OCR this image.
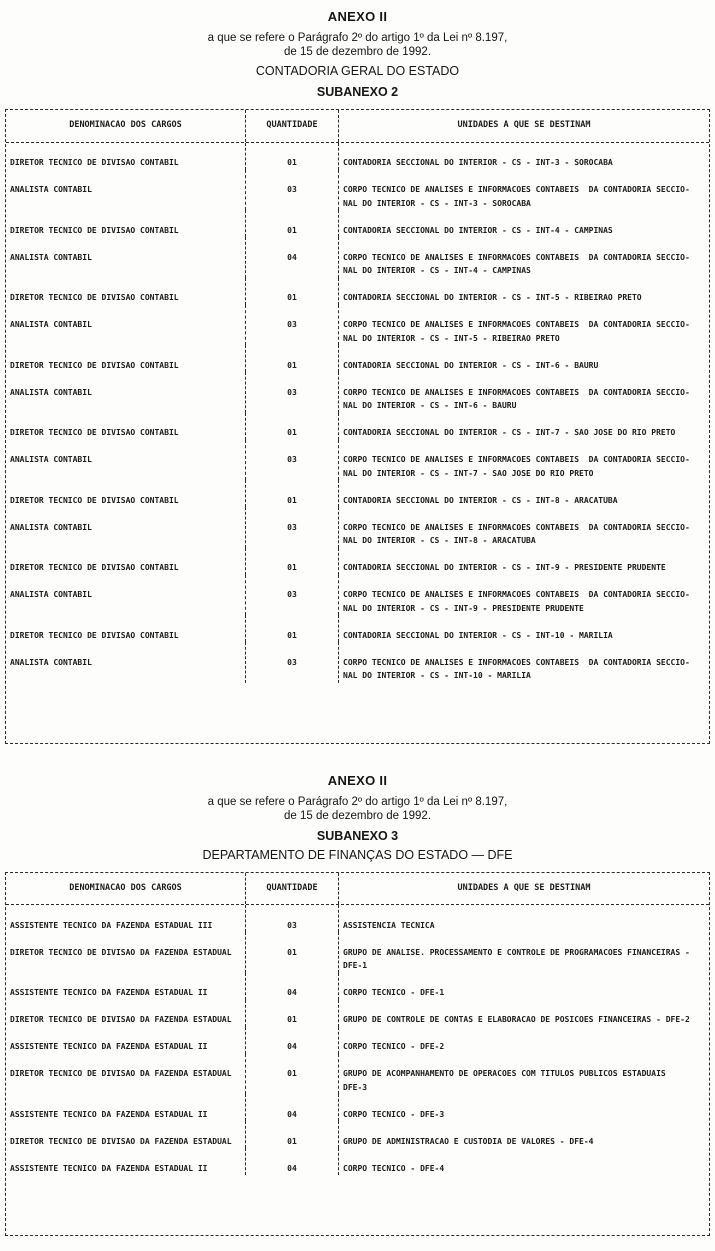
ANEXO II
a que se refere o Parágrafo 2º do artigo 1º da Lei nº 8.197,
de 15 de dezembro de 1992.
CONTADORIA GERAL DO ESTADO
SUBANEXO 2
DENOMINACAO DOS CARGOS	QUANTIDADE	UNIDADES A QUE SE DESTINAM
DIRETOR TECNICO DE DIVISAO CONTABIL	01	CONTADORIA SECCIONAL DO INTERIOR - CS - INT-3 - SOROCABA
ANALISTA CONTABIL	03	CORPO TECNICO DE ANALISES E INFORMACOES CONTABEIS  DA CONTADORIA SECCIO-
NAL DO INTERIOR - CS - INT-3 - SOROCABA
DIRETOR TECNICO DE DIVISAO CONTABIL	01	CONTADORIA SECCIONAL DO INTERIOR - CS - INT-4 - CAMPINAS
ANALISTA CONTABIL	04	CORPO TECNICO DE ANALISES E INFORMACOES CONTABEIS  DA CONTADORIA SECCIO-
NAL DO INTERIOR - CS - INT-4 - CAMPINAS
DIRETOR TECNICO DE DIVISAO CONTABIL	01	CONTADORIA SECCIONAL DO INTERIOR - CS - INT-5 - RIBEIRAO PRETO
ANALISTA CONTABIL	03	CORPO TECNICO DE ANALISES E INFORMACOES CONTABEIS  DA CONTADORIA SECCIO-
NAL DO INTERIOR - CS - INT-5 - RIBEIRAO PRETO
DIRETOR TECNICO DE DIVISAO CONTABIL	01	CONTADORIA SECCIONAL DO INTERIOR - CS - INT-6 - BAURU
ANALISTA CONTABIL	03	CORPO TECNICO DE ANALISES E INFORMACOES CONTABEIS  DA CONTADORIA SECCIO-
NAL DO INTERIOR - CS - INT-6 - BAURU
DIRETOR TECNICO DE DIVISAO CONTABIL	01	CONTADORIA SECCIONAL DO INTERIOR - CS - INT-7 - SAO JOSE DO RIO PRETO
ANALISTA CONTABIL	03	CORPO TECNICO DE ANALISES E INFORMACOES CONTABEIS  DA CONTADORIA SECCIO-
NAL DO INTERIOR - CS - INT-7 - SAO JOSE DO RIO PRETO
DIRETOR TECNICO DE DIVISAO CONTABIL	01	CONTADORIA SECCIONAL DO INTERIOR - CS - INT-8 - ARACATUBA
ANALISTA CONTABIL	03	CORPO TECNICO DE ANALISES E INFORMACOES CONTABEIS  DA CONTADORIA SECCIO-
NAL DO INTERIOR - CS - INT-8 - ARACATUBA
DIRETOR TECNICO DE DIVISAO CONTABIL	01	CONTADORIA SECCIONAL DO INTERIOR - CS - INT-9 - PRESIDENTE PRUDENTE
ANALISTA CONTABIL	03	CORPO TECNICO DE ANALISES E INFORMACOES CONTABEIS  DA CONTADORIA SECCIO-
NAL DO INTERIOR - CS - INT-9 - PRESIDENTE PRUDENTE
DIRETOR TECNICO DE DIVISAO CONTABIL	01	CONTADORIA SECCIONAL DO INTERIOR - CS - INT-10 - MARILIA
ANALISTA CONTABIL	03	CORPO TECNICO DE ANALISES E INFORMACOES CONTABEIS  DA CONTADORIA SECCIO-
NAL DO INTERIOR - CS - INT-10 - MARILIA
ANEXO II
a que se refere o Parágrafo 2º do artigo 1º da Lei nº 8.197,
de 15 de dezembro de 1992.
SUBANEXO 3
DEPARTAMENTO DE FINANÇAS DO ESTADO — DFE
DENOMINACAO DOS CARGOS	QUANTIDADE	UNIDADES A QUE SE DESTINAM
ASSISTENTE TECNICO DA FAZENDA ESTADUAL III	03	ASSISTENCIA TECNICA
DIRETOR TECNICO DE DIVISAO DA FAZENDA ESTADUAL	01	GRUPO DE ANALISE. PROCESSAMENTO E CONTROLE DE PROGRAMACOES FINANCEIRAS -
DFE-1
ASSISTENTE TECNICO DA FAZENDA ESTADUAL II	04	CORPO TECNICO - DFE-1
DIRETOR TECNICO DE DIVISAO DA FAZENDA ESTADUAL	01	GRUPO DE CONTROLE DE CONTAS E ELABORACAO DE POSICOES FINANCEIRAS - DFE-2
ASSISTENTE TECNICO DA FAZENDA ESTADUAL II	04	CORPO TECNICO - DFE-2
DIRETOR TECNICO DE DIVISAO DA FAZENDA ESTADUAL	01	GRUPO DE ACOMPANHAMENTO DE OPERACOES COM TITULOS PUBLICOS ESTADUAIS
DFE-3
ASSISTENTE TECNICO DA FAZENDA ESTADUAL II	04	CORPO TECNICO - DFE-3
DIRETOR TECNICO DE DIVISAO DA FAZENDA ESTADUAL	01	GRUPO DE ADMINISTRACAO E CUSTODIA DE VALORES - DFE-4
ASSISTENTE TECNICO DA FAZENDA ESTADUAL II	04	CORPO TECNICO - DFE-4
